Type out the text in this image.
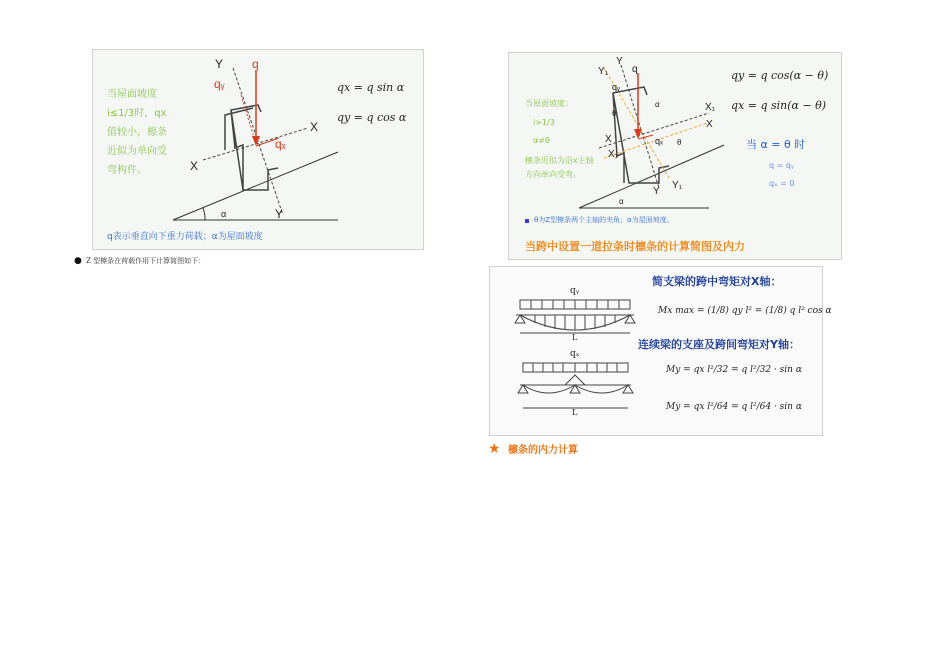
当屋面坡度
i≤1/3时，qx
值较小，檩条
近似为单向受
弯构件。
Y q
qᵧ
X
qₓ
X
Y
α
qx = q sin α
qy = q cos α
q表示垂直向下重力荷载；α为屋面坡度
● Z 型檩条在荷载作用下计算简图如下：
当屋面坡度：
i>1/3
α≠θ
檩条近似为沿x主轴
方向单向受弯。
Y₁
Y
q
qᵧ
α
θ
X₁
X
X
X₁
qₓ θ
Y
Y₁
α
qy = q cos(α − θ)
qx = q sin(α − θ)
当 α = θ 时
q = qᵧ
qₓ = 0
θ为Z型檩条两个主轴的夹角；α为屋面坡度。
当跨中设置一道拉条时檩条的计算简图及内力
qᵧ
L
qₓ
L
简支梁的跨中弯矩对X轴：
Mx max = (1/8) qy l² = (1/8) q l² cos α
连续梁的支座及跨间弯矩对Y轴：
My = qx l²/32 = q l²/32 · sin α
My = qx l²/64 = q l²/64 · sin α
★ 檩条的内力计算
